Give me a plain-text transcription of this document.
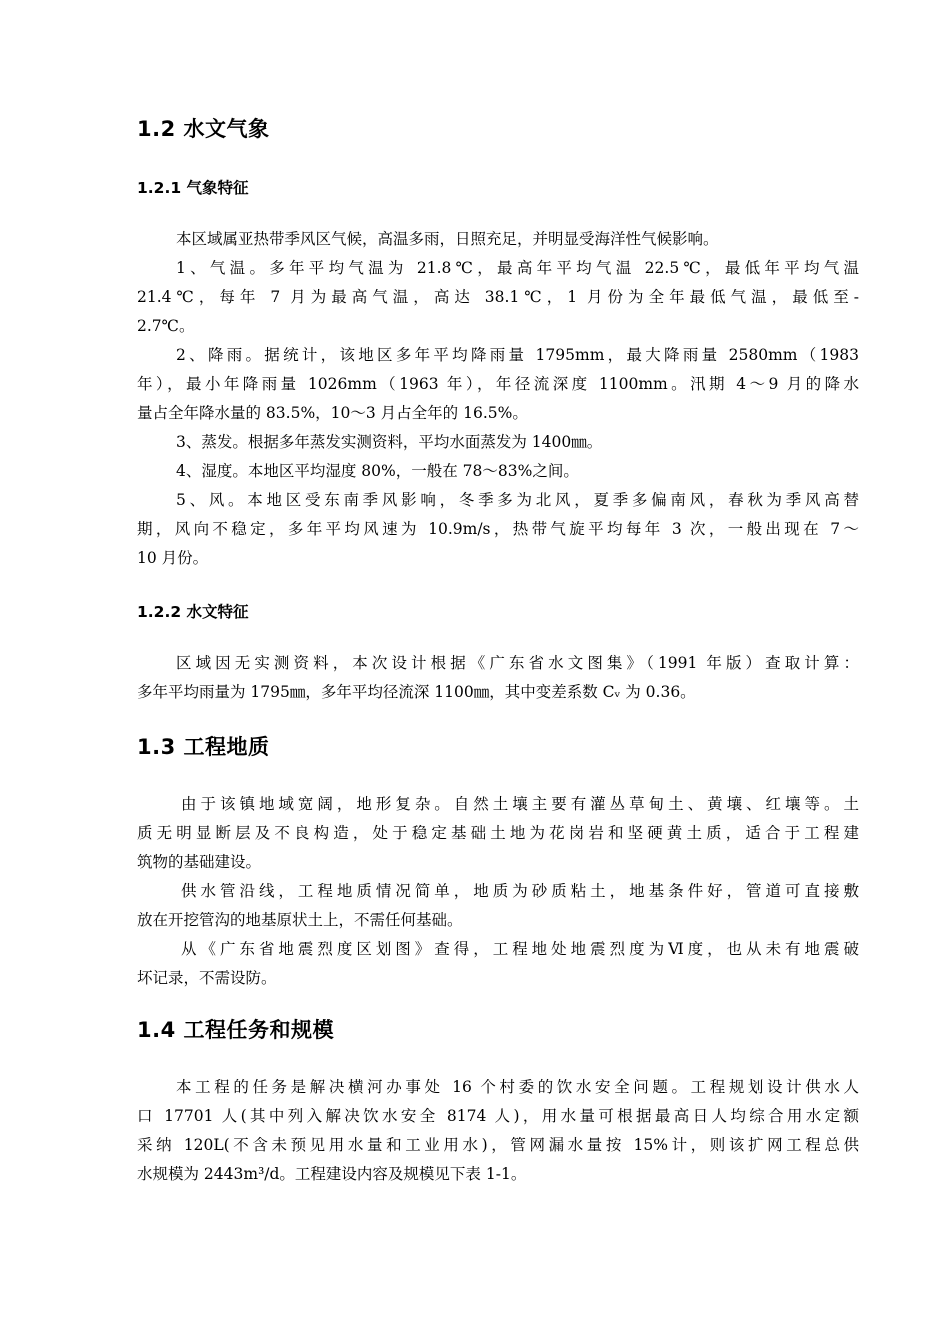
1.2 水文气象
1.2.1 气象特征
本区域属亚热带季风区气候，高温多雨，日照充足，并明显受海洋性气候影响。
1、气温。多年平均气温为 21.8℃，最高年平均气温 22.5℃，最低年平均气温
21.4℃，每年 7 月为最高气温，高达 38.1℃，1 月份为全年最低气温，最低至-
2.7℃。
2、降雨。据统计，该地区多年平均降雨量 1795mm，最大降雨量 2580mm（1983
年），最小年降雨量 1026mm（1963 年），年径流深度 1100mm。汛期 4～9 月的降水
量占全年降水量的 83.5%，10～3 月占全年的 16.5%。
3、蒸发。根据多年蒸发实测资料，平均水面蒸发为 1400㎜。
4、湿度。本地区平均湿度 80%，一般在 78～83%之间。
5、风。本地区受东南季风影响，冬季多为北风，夏季多偏南风，春秋为季风高替
期，风向不稳定，多年平均风速为 10.9m/s，热带气旋平均每年 3 次，一般出现在 7～
10 月份。
1.2.2 水文特征
区域因无实测资料，本次设计根据《广东省水文图集》（1991 年版）查取计算：
多年平均雨量为 1795㎜，多年平均径流深 1100㎜，其中变差系数 Cᵥ 为 0.36。
1.3 工程地质
由于该镇地域宽阔，地形复杂。自然土壤主要有灌丛草甸土、黄壤、红壤等。土
质无明显断层及不良构造，处于稳定基础土地为花岗岩和坚硬黄土质，适合于工程建
筑物的基础建设。
供水管沿线，工程地质情况简单，地质为砂质粘土，地基条件好，管道可直接敷
放在开挖管沟的地基原状土上，不需任何基础。
从《广东省地震烈度区划图》查得，工程地处地震烈度为Ⅵ度，也从未有地震破
坏记录，不需设防。
1.4 工程任务和规模
本工程的任务是解决横河办事处 16 个村委的饮水安全问题。工程规划设计供水人
口 17701 人(其中列入解决饮水安全 8174 人)，用水量可根据最高日人均综合用水定额
采纳 120L(不含未预见用水量和工业用水)，管网漏水量按 15%计，则该扩网工程总供
水规模为 2443m³/d。工程建设内容及规模见下表 1-1。
